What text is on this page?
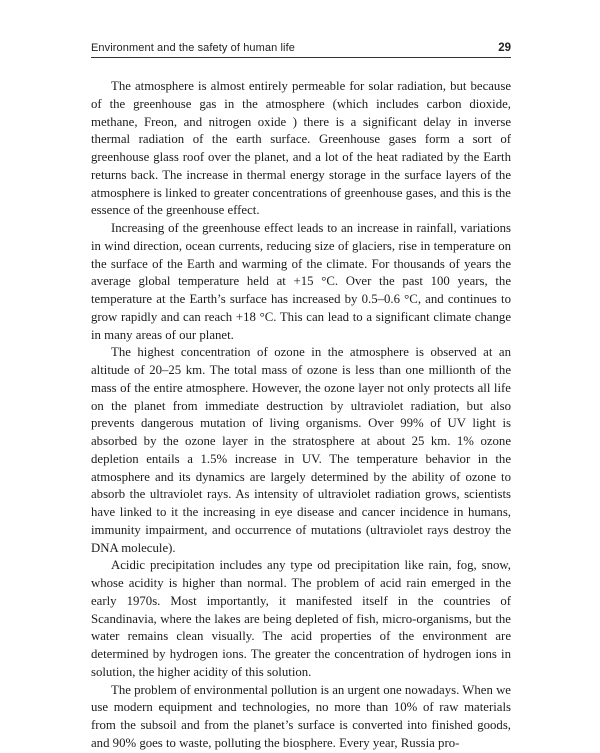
Environment and the safety of human life	29

The atmosphere is almost entirely permeable for solar radiation, but because of the greenhouse gas in the atmosphere (which includes carbon dioxide, methane, Freon, and nitrogen oxide ) there is a significant delay in inverse thermal radiation of the earth surface. Greenhouse gases form a sort of greenhouse glass roof over the planet, and a lot of the heat radiated by the Earth returns back. The increase in thermal energy storage in the surface layers of the atmosphere is linked to greater concentrations of greenhouse gases, and this is the essence of the greenhouse effect.

Increasing of the greenhouse effect leads to an increase in rainfall, variations in wind direction, ocean currents, reducing size of glaciers, rise in temperature on the surface of the Earth and warming of the climate. For thousands of years the average global temperature held at +15 °C. Over the past 100 years, the temperature at the Earth’s surface has increased by 0.5–0.6 °C, and continues to grow rapidly and can reach +18 °C. This can lead to a significant climate change in many areas of our planet.

The highest concentration of ozone in the atmosphere is observed at an altitude of 20–25 km. The total mass of ozone is less than one millionth of the mass of the entire atmosphere. However, the ozone layer not only protects all life on the planet from immediate destruction by ultraviolet radiation, but also prevents dangerous mutation of living organisms. Over 99% of UV light is absorbed by the ozone layer in the stratosphere at about 25 km. 1% ozone depletion entails a 1.5% increase in UV. The temperature behavior in the atmosphere and its dynamics are largely determined by the ability of ozone to absorb the ultraviolet rays. As intensity of ultraviolet radiation grows, scientists have linked to it the increasing in eye disease and cancer incidence in humans, immunity impairment, and occurrence of mutations (ultraviolet rays destroy the DNA molecule).

Acidic precipitation includes any type od precipitation like rain, fog, snow, whose acidity is higher than normal. The problem of acid rain emerged in the early 1970s. Most importantly, it manifested itself in the countries of Scandinavia, where the lakes are being depleted of fish, micro-organisms, but the water remains clean visually. The acid properties of the environment are determined by hydrogen ions. The greater the concentration of hydrogen ions in solution, the higher acidity of this solution.

The problem of environmental pollution is an urgent one nowadays. When we use modern equipment and technologies, no more than 10% of raw materials from the subsoil and from the planet’s surface is converted into finished goods, and 90% goes to waste, polluting the biosphere. Every year, Russia pro-
